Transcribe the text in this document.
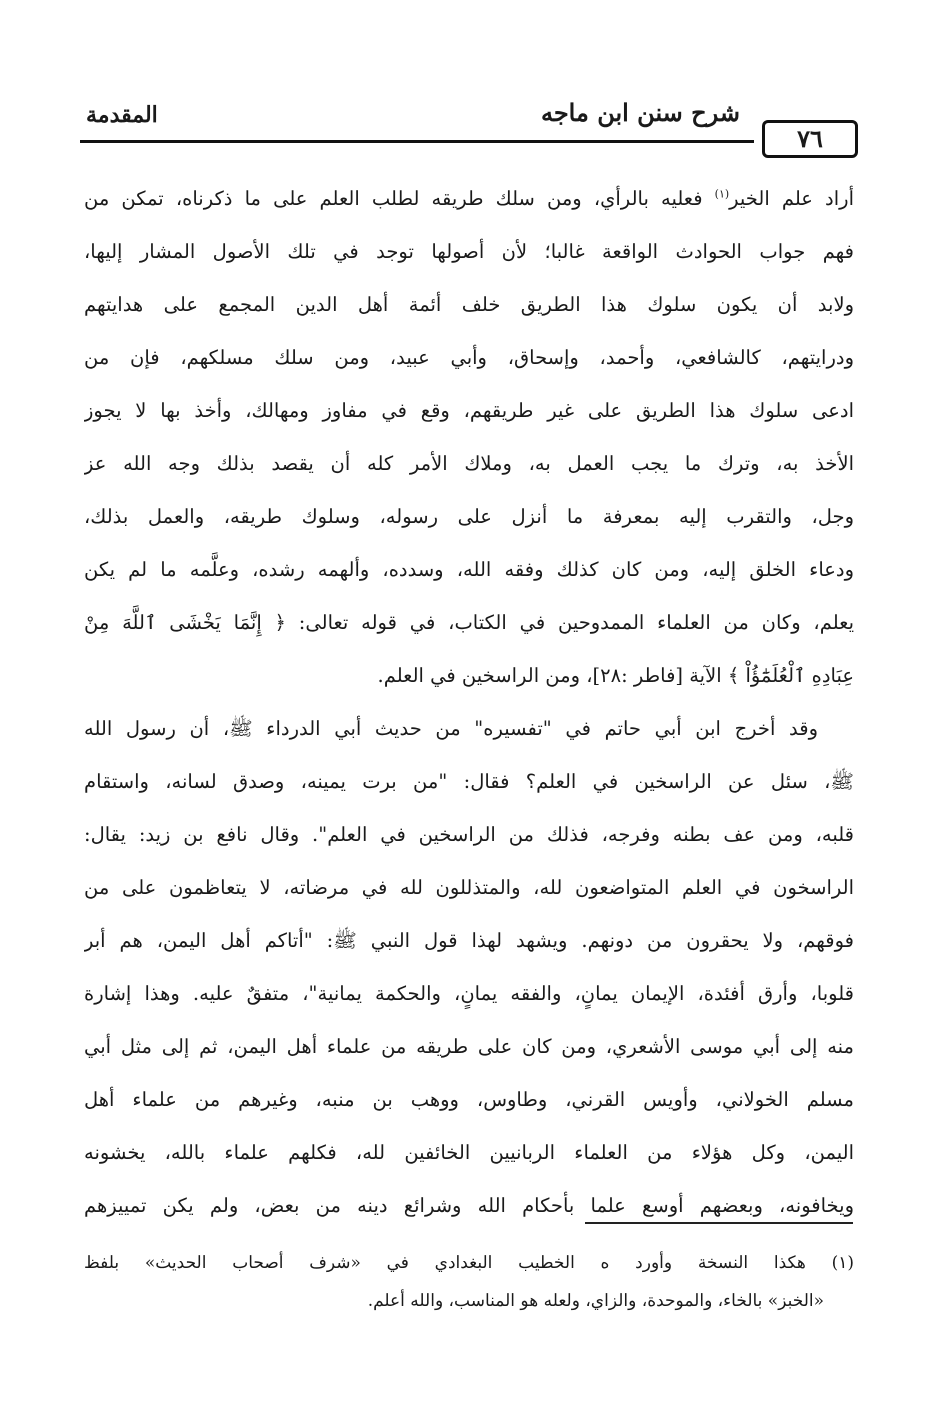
المقدمة	شرح سنن ابن ماجه
٧٦
أراد علم الخير$^{(١)}$ فعليه بالرأي، ومن سلك طريقه لطلب العلم على ما ذكرناه، تمكن من
فهم جواب الحوادث الواقعة غالبا؛ لأن أصولها توجد في تلك الأصول المشار إليها،
ولابد أن يكون سلوك هذا الطريق خلف أئمة أهل الدين المجمع على هدايتهم
ودرايتهم، كالشافعي، وأحمد، وإسحاق، وأبي عبيد، ومن سلك مسلكهم، فإن من
ادعى سلوك هذا الطريق على غير طريقهم، وقع في مفاوز ومهالك، وأخذ بها لا يجوز
الأخذ به، وترك ما يجب العمل به، وملاك الأمر كله أن يقصد بذلك وجه الله عز
وجل، والتقرب إليه بمعرفة ما أنزل على رسوله، وسلوك طريقه، والعمل بذلك،
ودعاء الخلق إليه، ومن كان كذلك وفقه الله، وسدده، وألهمه رشده، وعلَّمه ما لم يكن
يعلم، وكان من العلماء الممدوحين في الكتاب، في قوله تعالى: ﴿ إِنَّمَا يَخْشَى ٱللَّهَ مِنْ
عِبَادِهِ ٱلْعُلَمَٰٓؤُاْ ﴾ الآية [فاطر :٢٨]، ومن الراسخين في العلم.
وقد أخرج ابن أبي حاتم في "تفسيره" من حديث أبي الدرداء ﷺ، أن رسول الله
ﷺ، سئل عن الراسخين في العلم؟ فقال: "من برت يمينه، وصدق لسانه، واستقام
قلبه، ومن عف بطنه وفرجه، فذلك من الراسخين في العلم". وقال نافع بن زيد: يقال:
الراسخون في العلم المتواضعون لله، والمتذللون لله في مرضاته، لا يتعاظمون على من
فوقهم، ولا يحقرون من دونهم. ويشهد لهذا قول النبي ﷺ: "أتاكم أهل اليمن، هم أبر
قلوبا، وأرق أفئدة، الإيمان يمانٍ، والفقه يمانٍ، والحكمة يمانية"، متفقٌ عليه. وهذا إشارة
منه إلى أبي موسى الأشعري، ومن كان على طريقه من علماء أهل اليمن، ثم إلى مثل أبي
مسلم الخولاني، وأويس القرني، وطاوس، ووهب بن منبه، وغيرهم من علماء أهل
اليمن، وكل هؤلاء من العلماء الربانيين الخائفين لله، فكلهم علماء بالله، يخشونه
ويخافونه، وبعضهم أوسع علما بأحكام الله وشرائع دينه من بعض، ولم يكن تمييزهم
(١) هكذا النسخة وأورد ه الخطيب البغدادي في «شرف أصحاب الحديث» بلفظ
«الخبز» بالخاء، والموحدة، والزاي، ولعله هو المناسب، والله أعلم.
